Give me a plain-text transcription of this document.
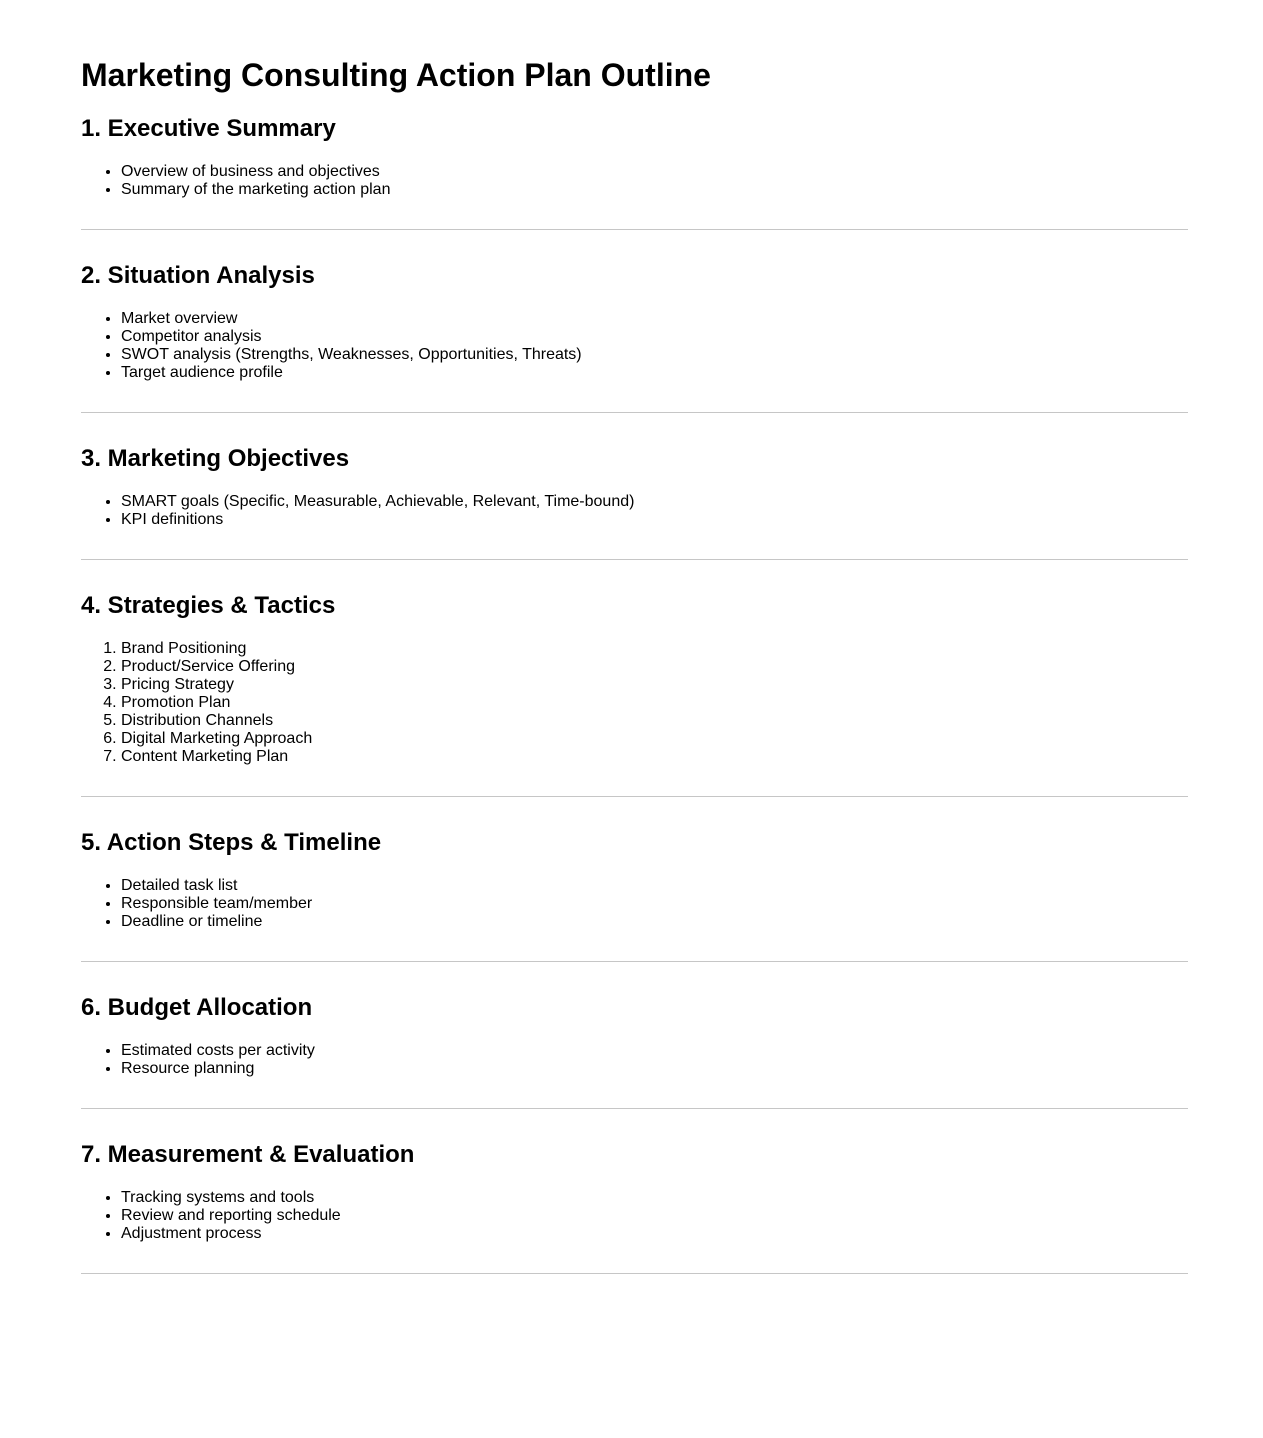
Marketing Consulting Action Plan Outline
1. Executive Summary
• Overview of business and objectives
• Summary of the marketing action plan
2. Situation Analysis
• Market overview
• Competitor analysis
• SWOT analysis (Strengths, Weaknesses, Opportunities, Threats)
• Target audience profile
3. Marketing Objectives
• SMART goals (Specific, Measurable, Achievable, Relevant, Time-bound)
• KPI definitions
4. Strategies & Tactics
1. Brand Positioning
2. Product/Service Offering
3. Pricing Strategy
4. Promotion Plan
5. Distribution Channels
6. Digital Marketing Approach
7. Content Marketing Plan
5. Action Steps & Timeline
• Detailed task list
• Responsible team/member
• Deadline or timeline
6. Budget Allocation
• Estimated costs per activity
• Resource planning
7. Measurement & Evaluation
• Tracking systems and tools
• Review and reporting schedule
• Adjustment process
